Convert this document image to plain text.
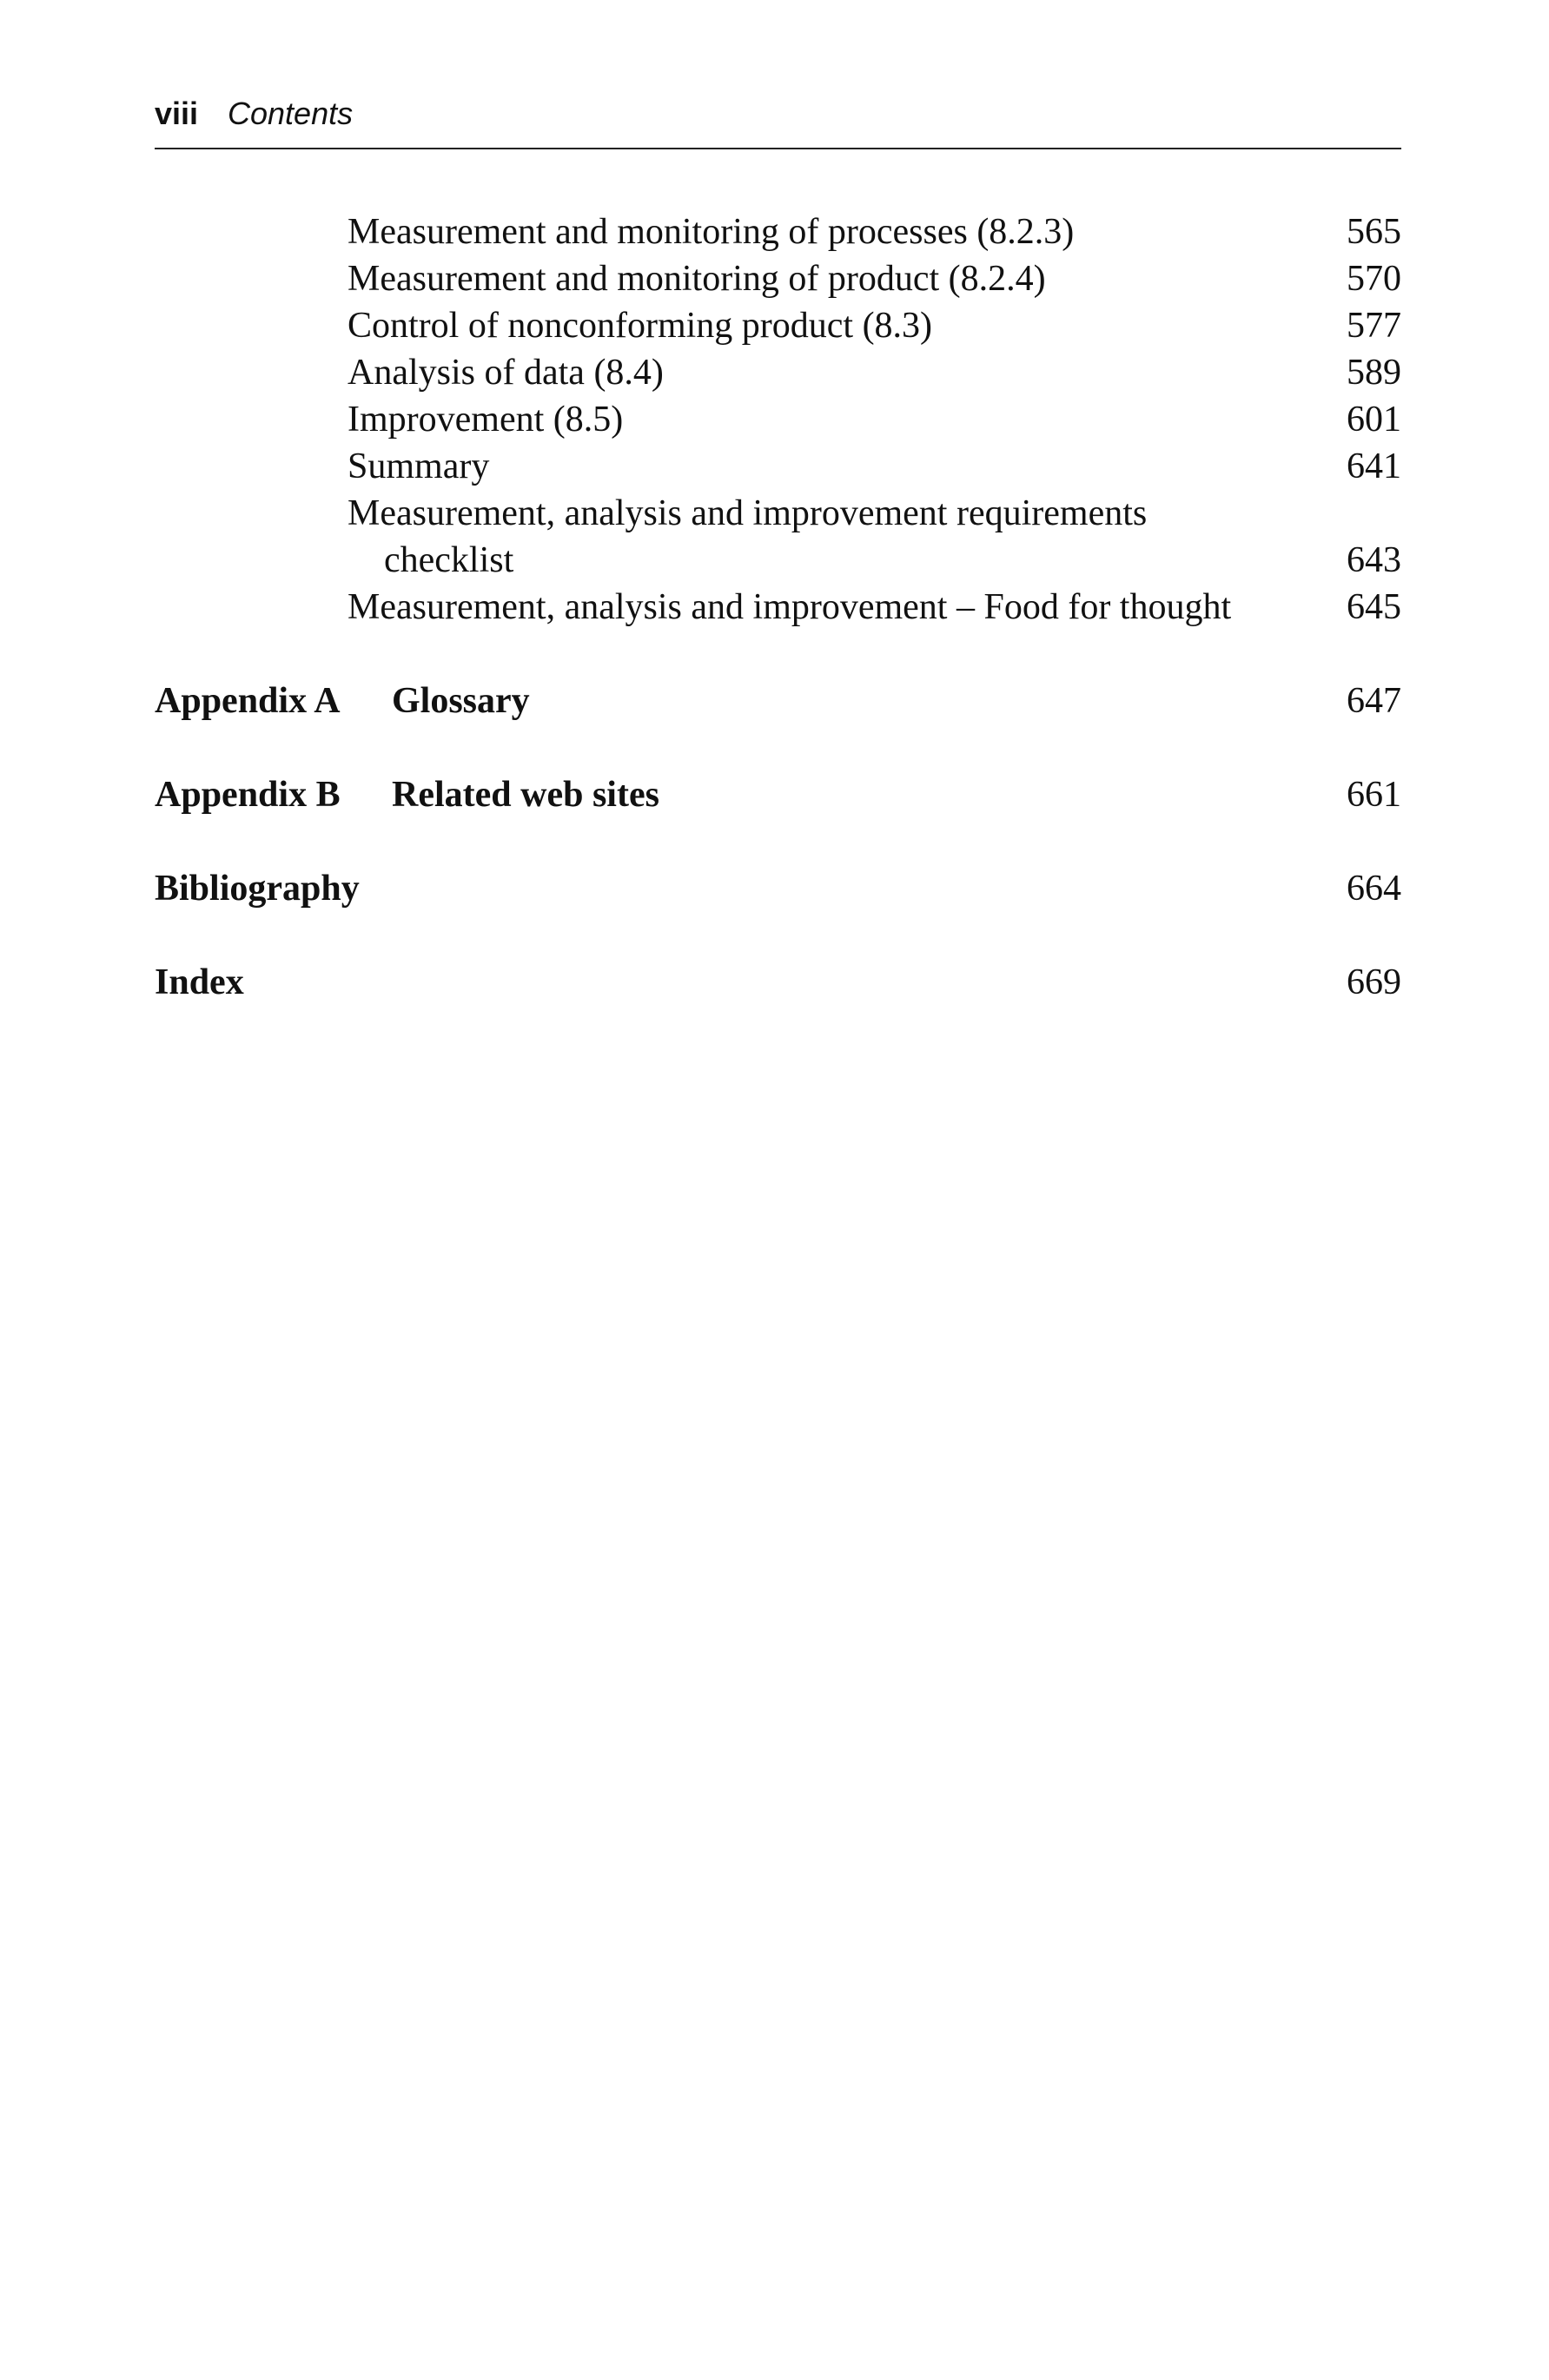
viii Contents
Measurement and monitoring of processes (8.2.3)	565
Measurement and monitoring of product (8.2.4)	570
Control of nonconforming product (8.3)	577
Analysis of data (8.4)	589
Improvement (8.5)	601
Summary	641
Measurement, analysis and improvement requirements
checklist	643
Measurement, analysis and improvement – Food for thought	645
Appendix A Glossary	647
Appendix B Related web sites	661
Bibliography	664
Index	669
